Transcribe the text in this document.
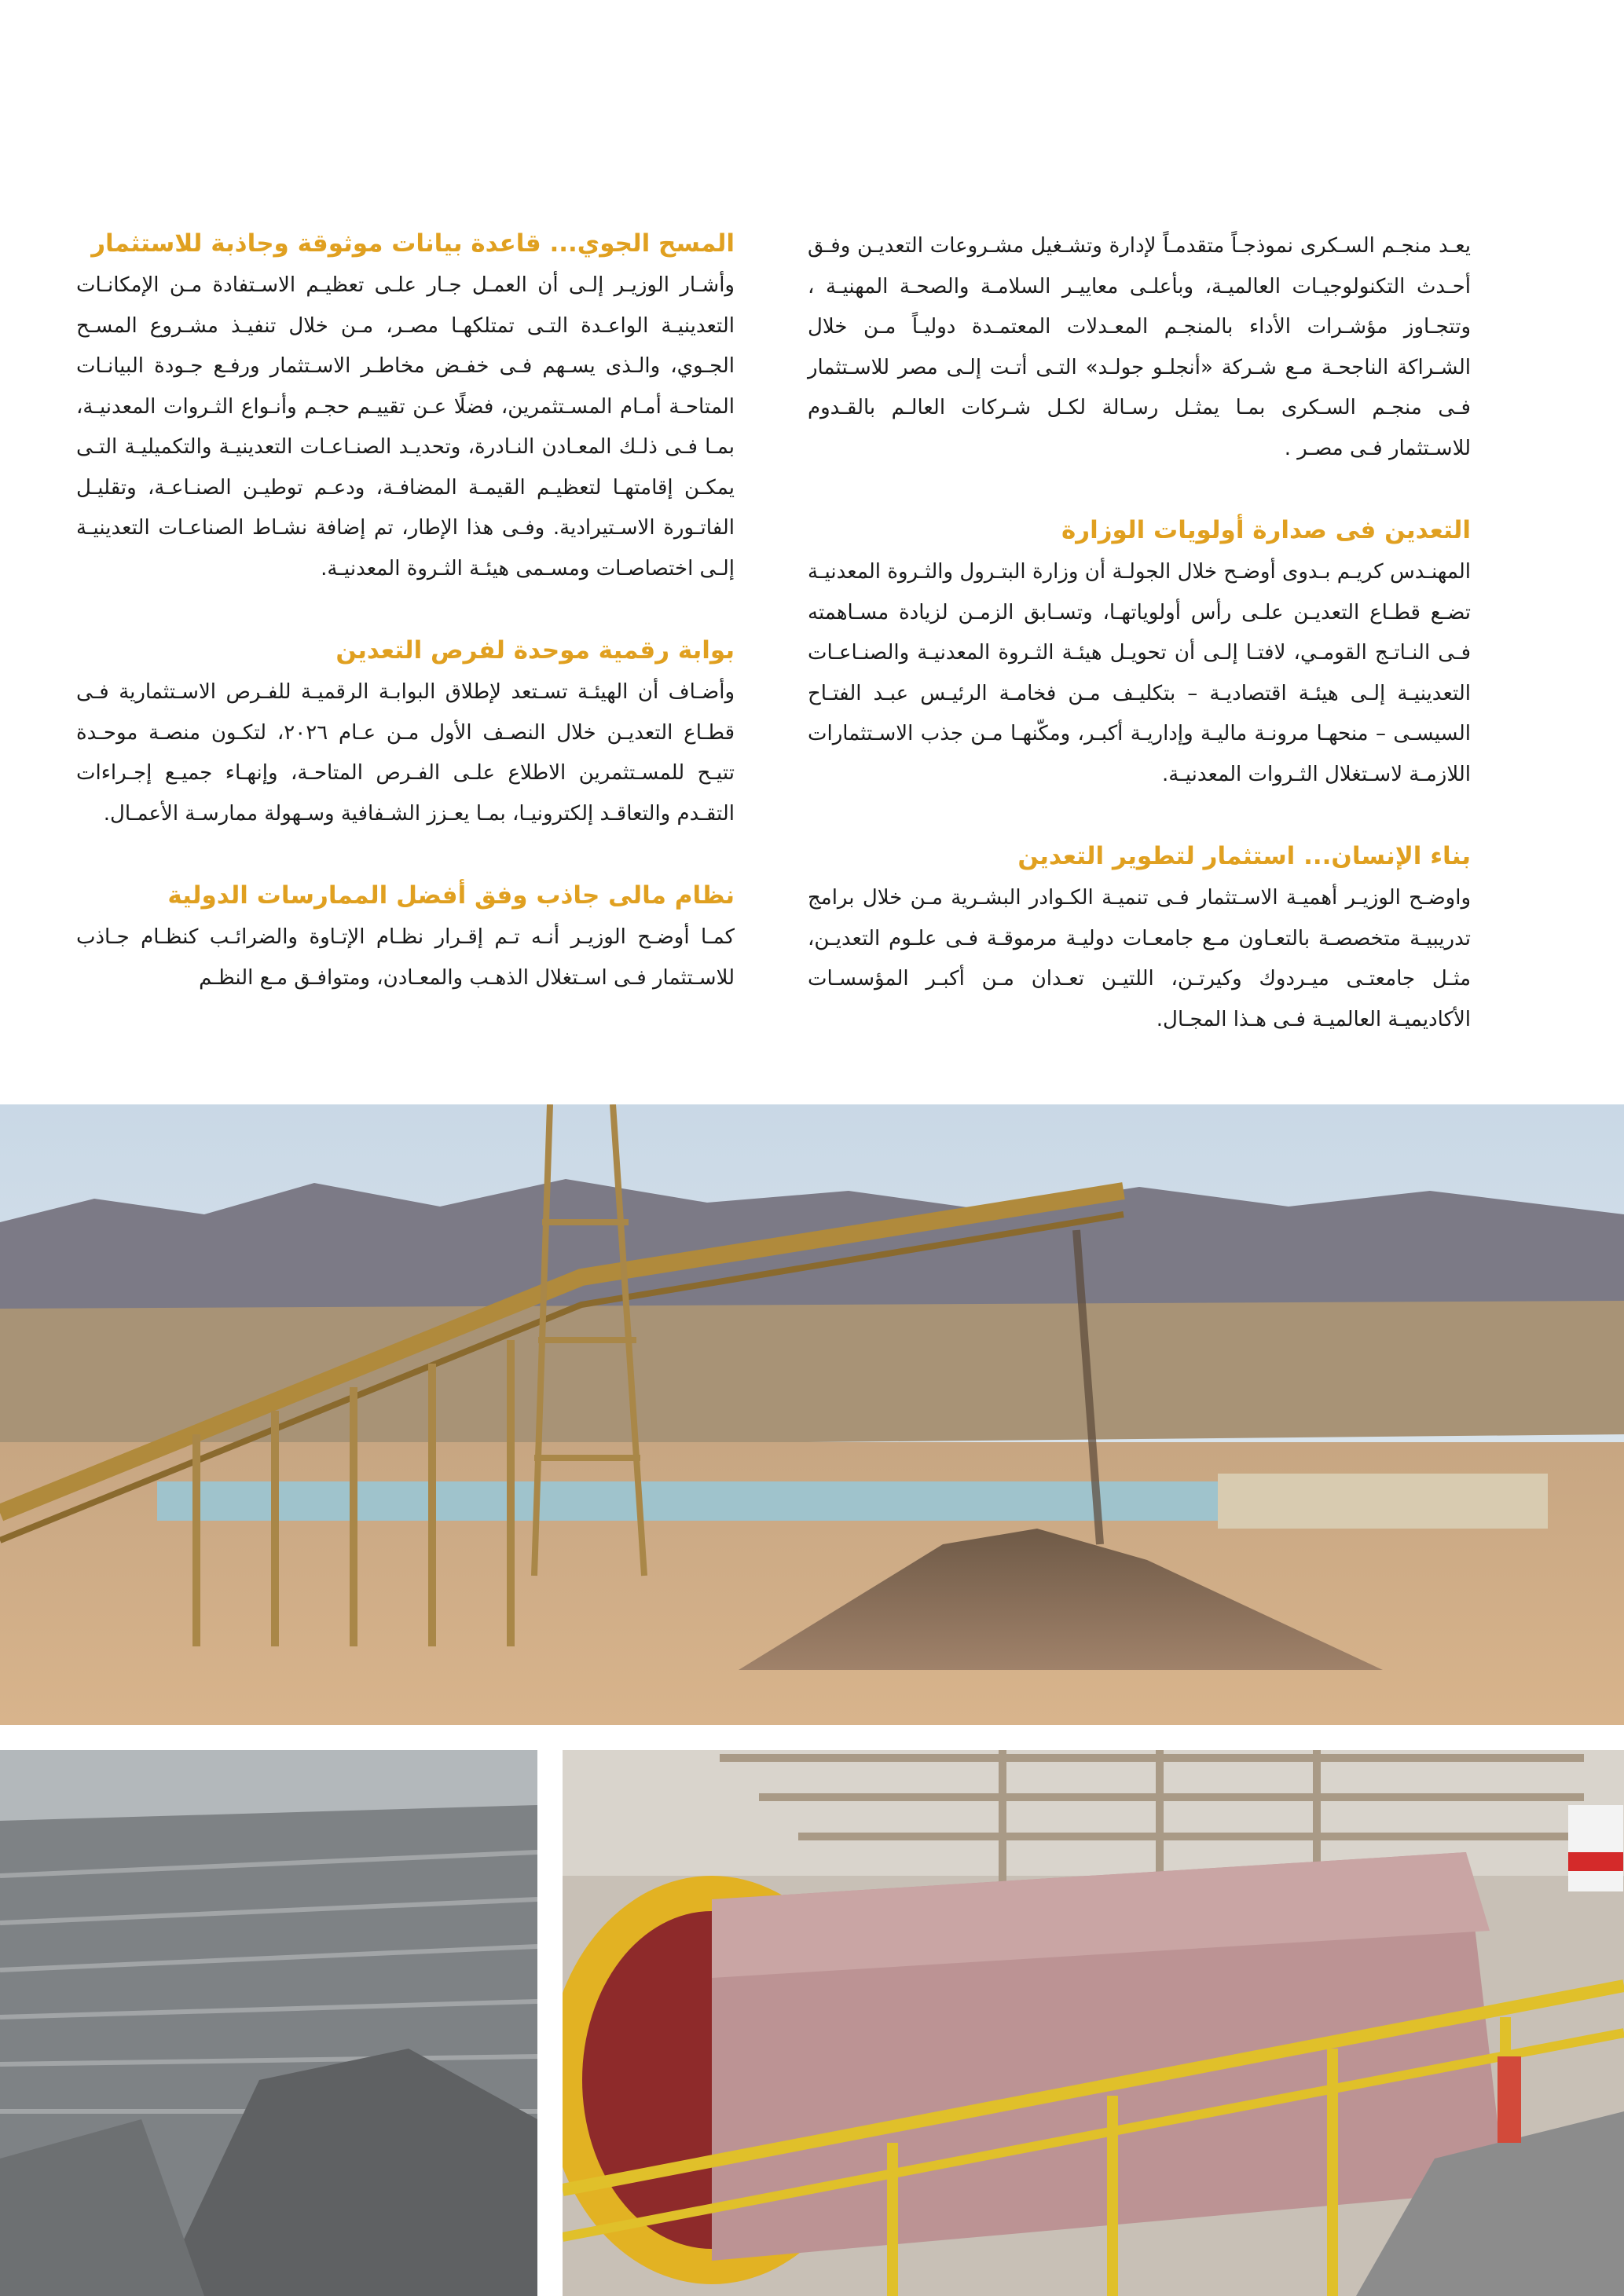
يعـد منجـم السـكرى نموذجـاً متقدمـاً لإدارة وتشـغيل مشـروعات التعديـن وفـق أحـدث التكنولوجيـات العالميـة، وبأعلـى معاييـر السلامـة والصحـة المهنيـة ، وتتجـاوز مؤشـرات الأداء بالمنجـم المعـدلات المعتمـدة دوليـاً مـن خلال الشـراكة الناجحـة مـع شـركة «أنجلـو جولـد» التـى أتـت إلـى مصر للاسـتثمار فـى منجـم السـكرى بمـا يمثـل رسـالة لكـل شـركات العالـم بالقـدوم للاسـتثمار فـى مصـر .

التعدين فى صدارة أولويات الوزارة

المهنـدس كريـم بـدوى أوضـح خلال الجولـة أن وزارة البتـرول والثـروة المعدنيـة تضـع قطـاع التعديـن علـى رأس أولوياتهـا، وتسـابق الزمـن لزيادة مسـاهمته فـى النـاتـج القومـي، لافتـا إلـى أن تحويـل هيئـة الثـروة المعدنيـة والصنـاعـات التعدينيـة إلـى هيئـة اقتصاديـة – بتكليـف مـن فخامـة الرئيـس عبـد الفتـاح السيسـى – منحهـا مرونـة ماليـة وإداريـة أكبـر، ومكّنهـا مـن جذب الاسـتثمارات اللازمـة لاسـتغلال الثـروات المعدنيـة.

بناء الإنسان... استثمار لتطوير التعدين

واوضـح الوزيـر أهميـة الاسـتثمار فـى تنميـة الكـوادر البشـرية مـن خلال برامج تدريبيـة متخصصـة بالتعـاون مـع جامعـات دوليـة مرموقـة فـى علـوم التعديـن، مثـل جامعتـى ميـردوك وكيرتـن، اللتيـن تعـدان مـن أكبـر المؤسسـات الأكاديميـة العالميـة فـى هـذا المجـال.

المسح الجوي... قاعدة بيانات موثوقة وجاذبة للاستثمار

وأشـار الوزيـر إلـى أن العمـل جـار علـى تعظيـم الاسـتفادة مـن الإمكانـات التعدينيـة الواعـدة التـى تمتلكهـا مصـر، مـن خلال تنفيـذ مشـروع المسـح الجـوي، والـذى يسـهم فـى خفـض مخاطـر الاسـتثمار ورفـع جـودة البيانـات المتاحـة أمـام المسـتثمرين، فضلًا عـن تقييـم حجـم وأنـواع الثـروات المعدنيـة، بمـا فـى ذلـك المعـادن النـادرة، وتحديـد الصنـاعـات التعدينيـة والتكميليـة التـى يمكـن إقامتهـا لتعظيـم القيمـة المضافـة، ودعـم توطيـن الصنـاعـة، وتقليـل الفاتـورة الاسـتيرادية. وفـى هذا الإطار، تم إضافة نشـاط الصناعـات التعدينيـة إلـى اختصاصـات ومسـمى هيئـة الثـروة المعدنيـة.

بوابة رقمية موحدة لفرص التعدين

وأضـاف أن الهيئـة تسـتعد لإطلاق البوابـة الرقميـة للفـرص الاسـتثمارية فـى قطـاع التعديـن خلال النصـف الأول مـن عـام ٢٠٢٦، لتكـون منصـة موحـدة تتيـح للمسـتثمرين الاطلاع علـى الفـرص المتاحـة، وإنهـاء جميـع إجـراءات التقـدم والتعاقـد إلكترونيـا، بمـا يعـزز الشـفافية وسـهولة ممارسـة الأعمـال.

نظام مالى جاذب وفق أفضل الممارسات الدولية

كمـا أوضـح الوزيـر أنـه تـم إقـرار نظـام الإتـاوة والضرائـب كنظـام جـاذب للاسـتثمار فـى اسـتغلال الذهـب والمعـادن، ومتوافـق مـع النظـم
